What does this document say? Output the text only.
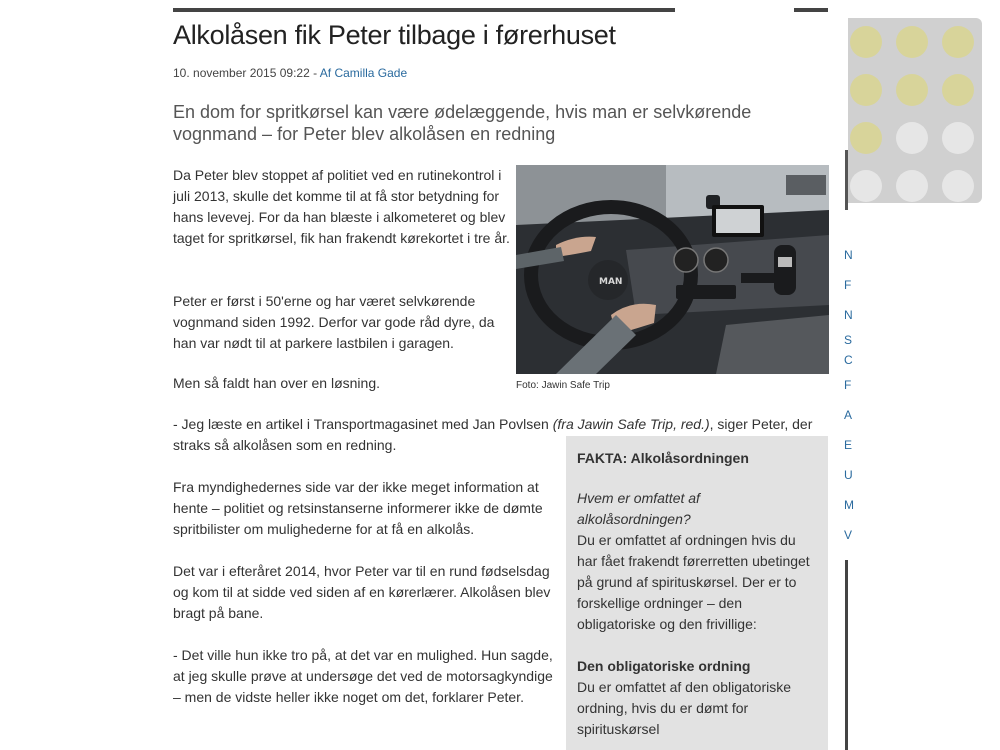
Alkolåsen fik Peter tilbage i førerhuset
10. november 2015 09:22 - Af Camilla Gade
En dom for spritkørsel kan være ødelæggende, hvis man er selvkørende vognmand – for Peter blev alkolåsen en redning
Da Peter blev stoppet af politiet ved en rutinekontrol i juli 2013, skulle det komme til at få stor betydning for hans levevej. For da han blæste i alkometeret og blev taget for spritkørsel, fik han frakendt kørekortet i tre år.
Peter er først i 50'erne og har været selvkørende vognmand siden 1992. Derfor var gode råd dyre, da han var nødt til at parkere lastbilen i garagen.
Men så faldt han over en løsning.
- Jeg læste en artikel i Transportmagasinet med Jan Povlsen (fra Jawin Safe Trip, red.), siger Peter, der straks så alkolåsen som en redning.
Fra myndighedernes side var der ikke meget information at hente – politiet og retsinstanserne informerer ikke de dømte spritbilister om mulighederne for at få en alkolås.
Det var i efteråret 2014, hvor Peter var til en rund fødselsdag og kom til at sidde ved siden af en kørerlærer. Alkolåsen blev bragt på bane.
- Det ville hun ikke tro på, at det var en mulighed. Hun sagde, at jeg skulle prøve at undersøge det ved de motorsagkyndige – men de vidste heller ikke noget om det, forklarer Peter.
MAN
Foto: Jawin Safe Trip
FAKTA: Alkolåsordningen
Hvem er omfattet af alkolåsordningen?
Du er omfattet af ordningen hvis du har fået frakendt førerretten ubetinget på grund af spirituskørsel. Der er to forskellige ordninger – den obligatoriske og den frivillige:
Den obligatoriske ordning
Du er omfattet af den obligatoriske ordning, hvis du er dømt for spirituskørsel
N
F
N
S
C
F
A
E
U
M
V
